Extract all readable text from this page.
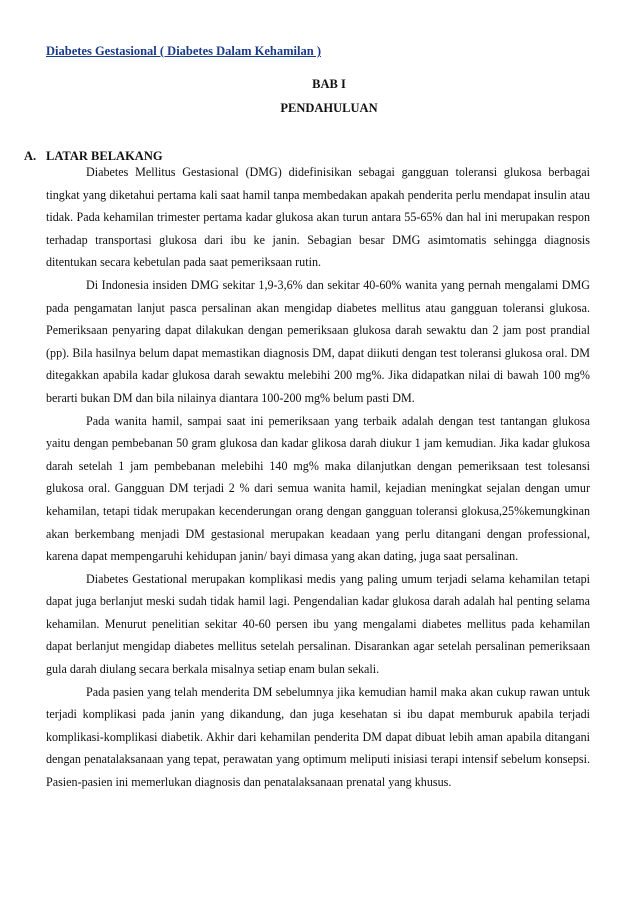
Diabetes Gestasional ( Diabetes Dalam Kehamilan )
BAB I
PENDAHULUAN
A. LATAR BELAKANG

Diabetes Mellitus Gestasional (DMG) didefinisikan sebagai gangguan toleransi glukosa berbagai tingkat yang diketahui pertama kali saat hamil tanpa membedakan apakah penderita perlu mendapat insulin atau tidak. Pada kehamilan trimester pertama kadar glukosa akan turun antara 55-65% dan hal ini merupakan respon terhadap transportasi glukosa dari ibu ke janin. Sebagian besar DMG asimtomatis sehingga diagnosis ditentukan secara kebetulan pada saat pemeriksaan rutin.

Di Indonesia insiden DMG sekitar 1,9-3,6% dan sekitar 40-60% wanita yang pernah mengalami DMG pada pengamatan lanjut pasca persalinan akan mengidap diabetes mellitus atau gangguan toleransi glukosa. Pemeriksaan penyaring dapat dilakukan dengan pemeriksaan glukosa darah sewaktu dan 2 jam post prandial (pp). Bila hasilnya belum dapat memastikan diagnosis DM, dapat diikuti dengan test toleransi glukosa oral. DM ditegakkan apabila kadar glukosa darah sewaktu melebihi 200 mg%. Jika didapatkan nilai di bawah 100 mg% berarti bukan DM dan bila nilainya diantara 100-200 mg% belum pasti DM.

Pada wanita hamil, sampai saat ini pemeriksaan yang terbaik adalah dengan test tantangan glukosa yaitu dengan pembebanan 50 gram glukosa dan kadar glikosa darah diukur 1 jam kemudian. Jika kadar glukosa darah setelah 1 jam pembebanan melebihi 140 mg% maka dilanjutkan dengan pemeriksaan test tolesansi glukosa oral. Gangguan DM terjadi 2 % dari semua wanita hamil, kejadian meningkat sejalan dengan umur kehamilan, tetapi tidak merupakan kecenderungan orang dengan gangguan toleransi glokusa,25%kemungkinan akan berkembang menjadi DM gestasional merupakan keadaan yang perlu ditangani dengan professional, karena dapat mempengaruhi kehidupan janin/ bayi dimasa yang akan dating, juga saat persalinan.

Diabetes Gestational merupakan komplikasi medis yang paling umum terjadi selama kehamilan tetapi dapat juga berlanjut meski sudah tidak hamil lagi. Pengendalian kadar glukosa darah adalah hal penting selama kehamilan. Menurut penelitian sekitar 40-60 persen ibu yang mengalami diabetes mellitus pada kehamilan dapat berlanjut mengidap diabetes mellitus setelah persalinan. Disarankan agar setelah persalinan pemeriksaan gula darah diulang secara berkala misalnya setiap enam bulan sekali.

Pada pasien yang telah menderita DM sebelumnya jika kemudian hamil maka akan cukup rawan untuk terjadi komplikasi pada janin yang dikandung, dan juga kesehatan si ibu dapat memburuk apabila terjadi komplikasi-komplikasi diabetik. Akhir dari kehamilan penderita DM dapat dibuat lebih aman apabila ditangani dengan penatalaksanaan yang tepat, perawatan yang optimum meliputi inisiasi terapi intensif sebelum konsepsi. Pasien-pasien ini memerlukan diagnosis dan penatalaksanaan prenatal yang khusus.
